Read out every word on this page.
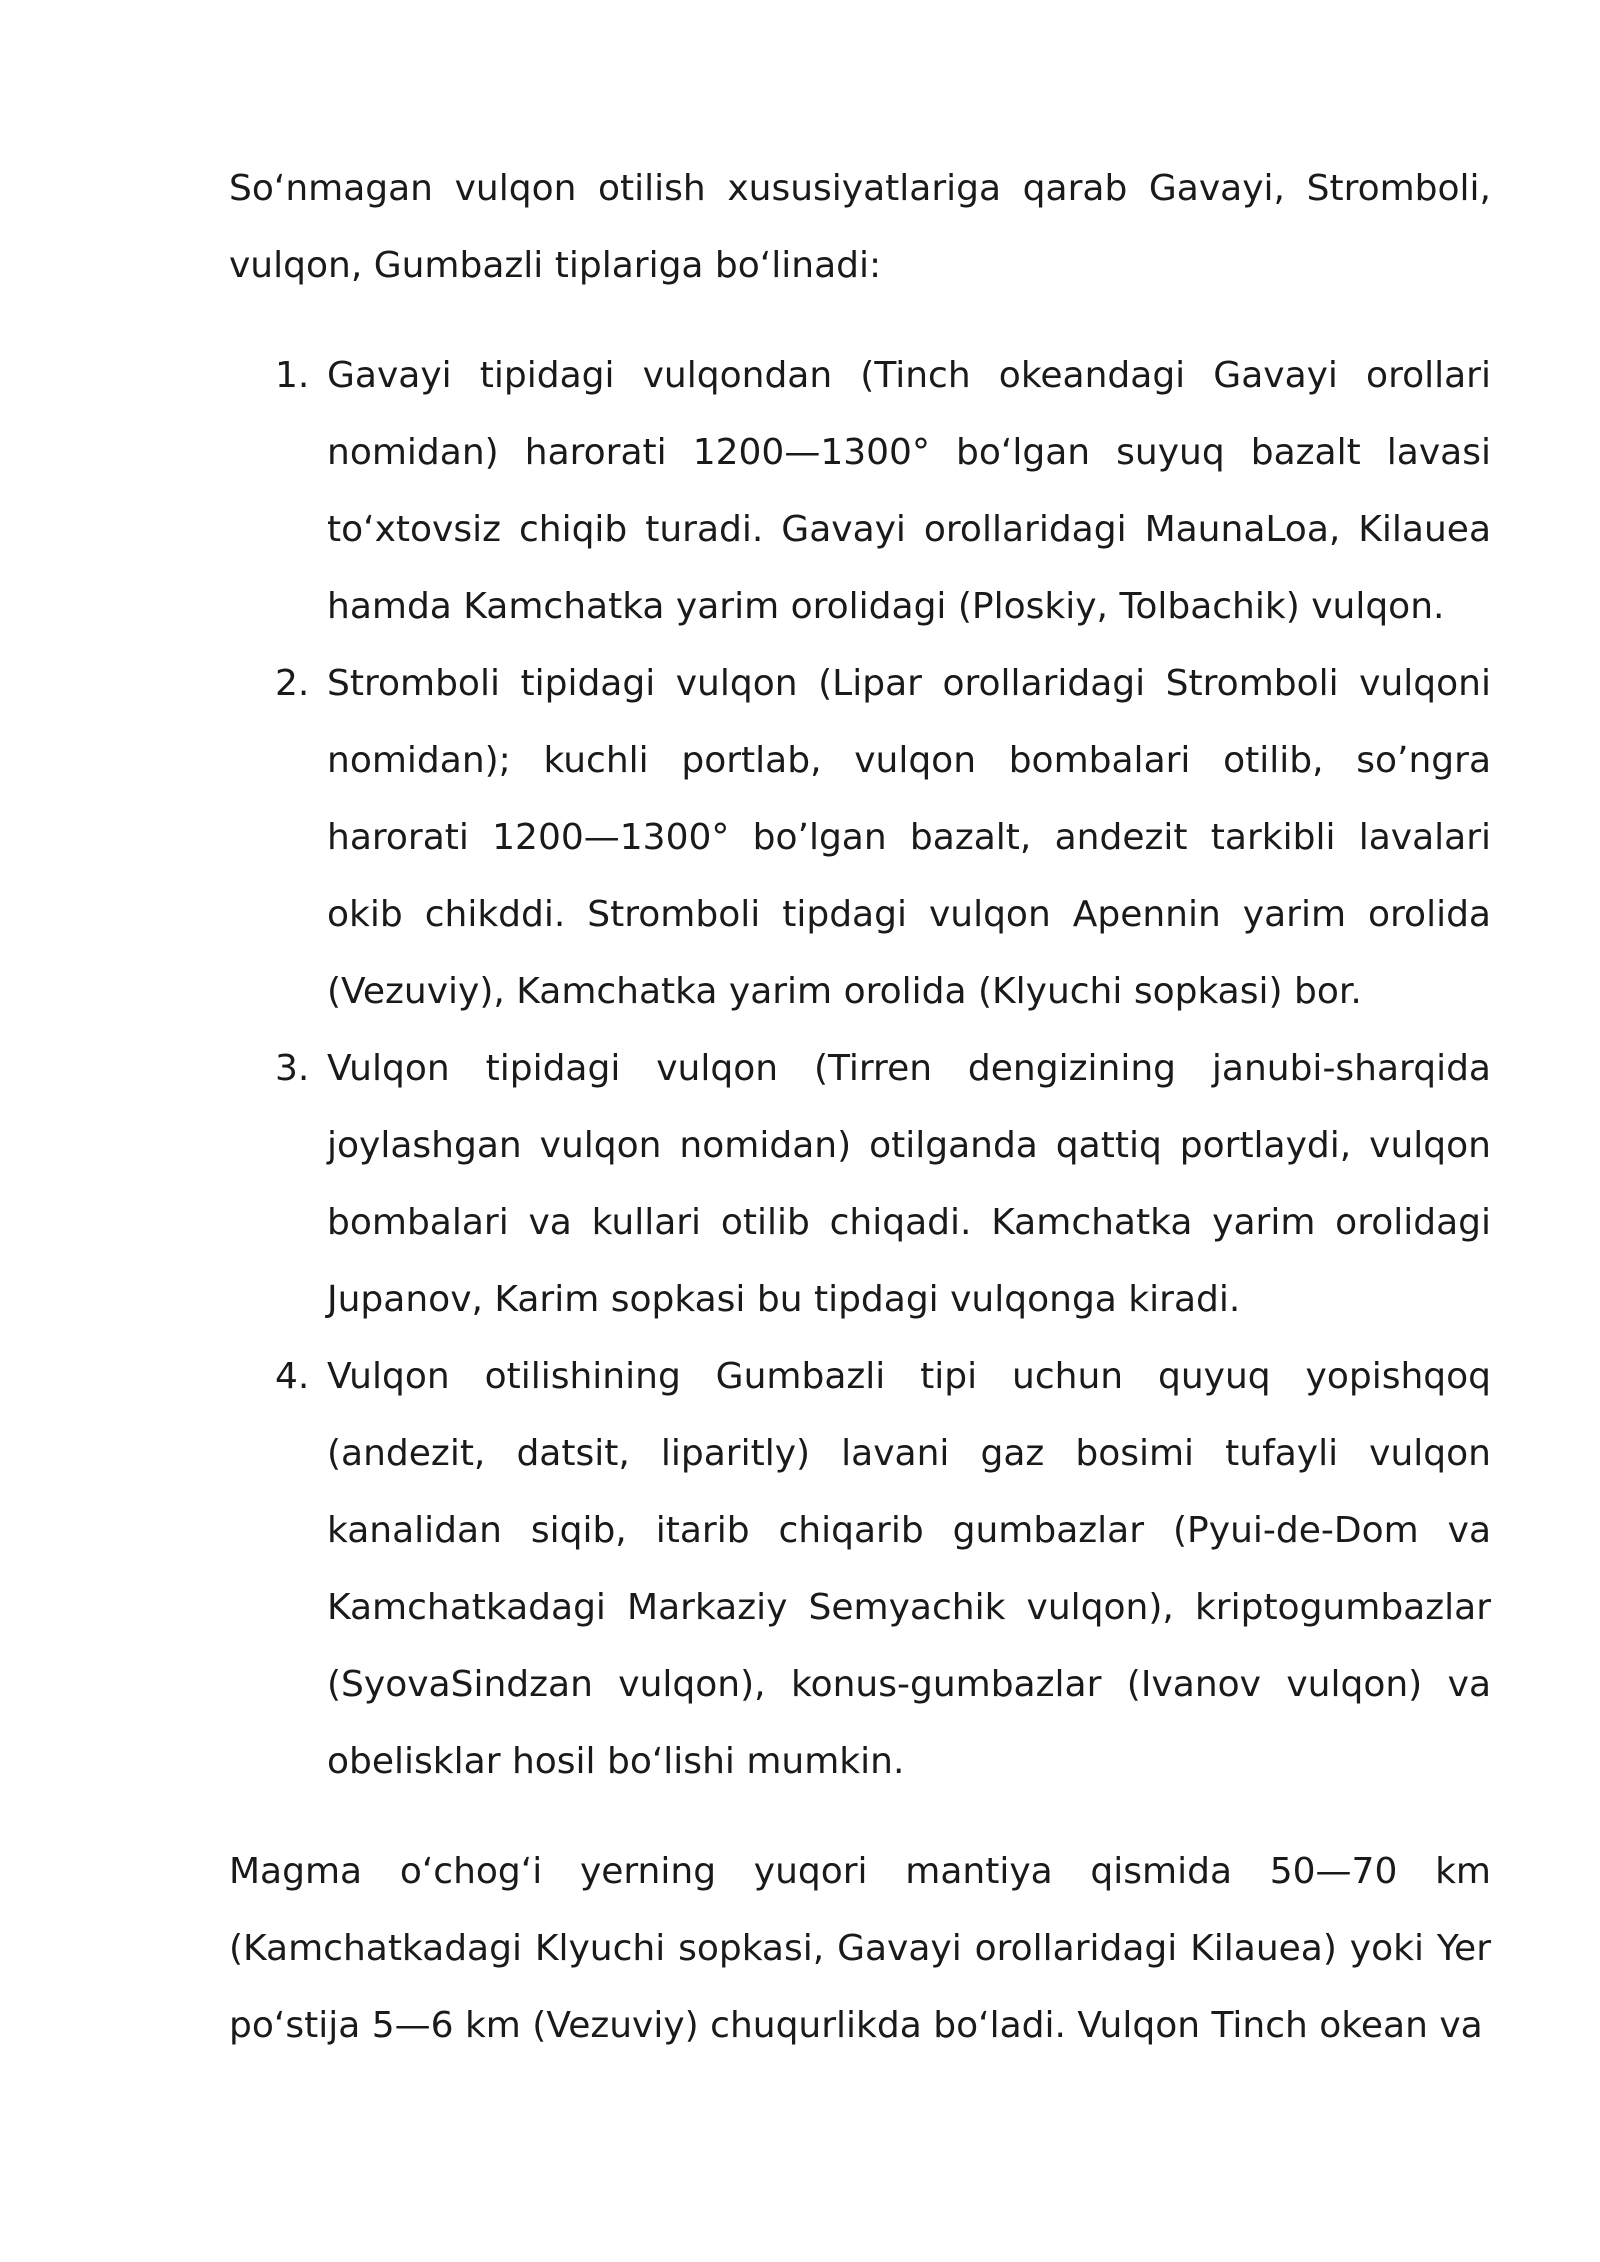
So‘nmagan vulqon otilish xususiyatlariga qarab Gavayi, Stromboli, vulqon, Gumbazli tiplariga bo‘linadi:

Gavayi tipidagi vulqondan (Tinch okeandagi Gavayi orollari nomidan) harorati 1200—1300° bo‘lgan suyuq bazalt lavasi to‘xtovsiz chiqib turadi. Gavayi orollaridagi MaunaLoa, Kilauea hamda Kamchatka yarim orolidagi (Ploskiy, Tolbachik) vulqon.
Stromboli tipidagi vulqon (Lipar orollaridagi Stromboli vulqoni nomidan); kuchli portlab, vulqon bombalari otilib, so’ngra harorati 1200—1300° bo’lgan bazalt, andezit tarkibli lavalari okib chikddi. Stromboli tipdagi vulqon Apennin yarim orolida (Vezuviy), Kamchatka yarim orolida (Klyuchi sopkasi) bor.
Vulqon tipidagi vulqon (Tirren dengizining janubi-sharqida joylashgan vulqon nomidan) otilganda qattiq portlaydi, vulqon bombalari va kullari otilib chiqadi. Kamchatka yarim orolidagi Jupanov, Karim sopkasi bu tipdagi vulqonga kiradi.
Vulqon otilishining Gumbazli tipi uchun quyuq yopishqoq (andezit, datsit, liparitly) lavani gaz bosimi tufayli vulqon kanalidan siqib, itarib chiqarib gumbazlar (Pyui-de-Dom va Kamchatkadagi Markaziy Semyachik vulqon), kriptogumbazlar (SyovaSindzan vulqon), konus-gumbazlar (Ivanov vulqon) va obelisklar hosil bo‘lishi mumkin.

Magma o‘chog‘i yerning yuqori mantiya qismida 50—70 km (Kamchatkadagi Klyuchi sopkasi, Gavayi orollaridagi Kilauea) yoki Yer po‘stija 5—6 km (Vezuviy) chuqurlikda bo‘ladi. Vulqon Tinch okean va
